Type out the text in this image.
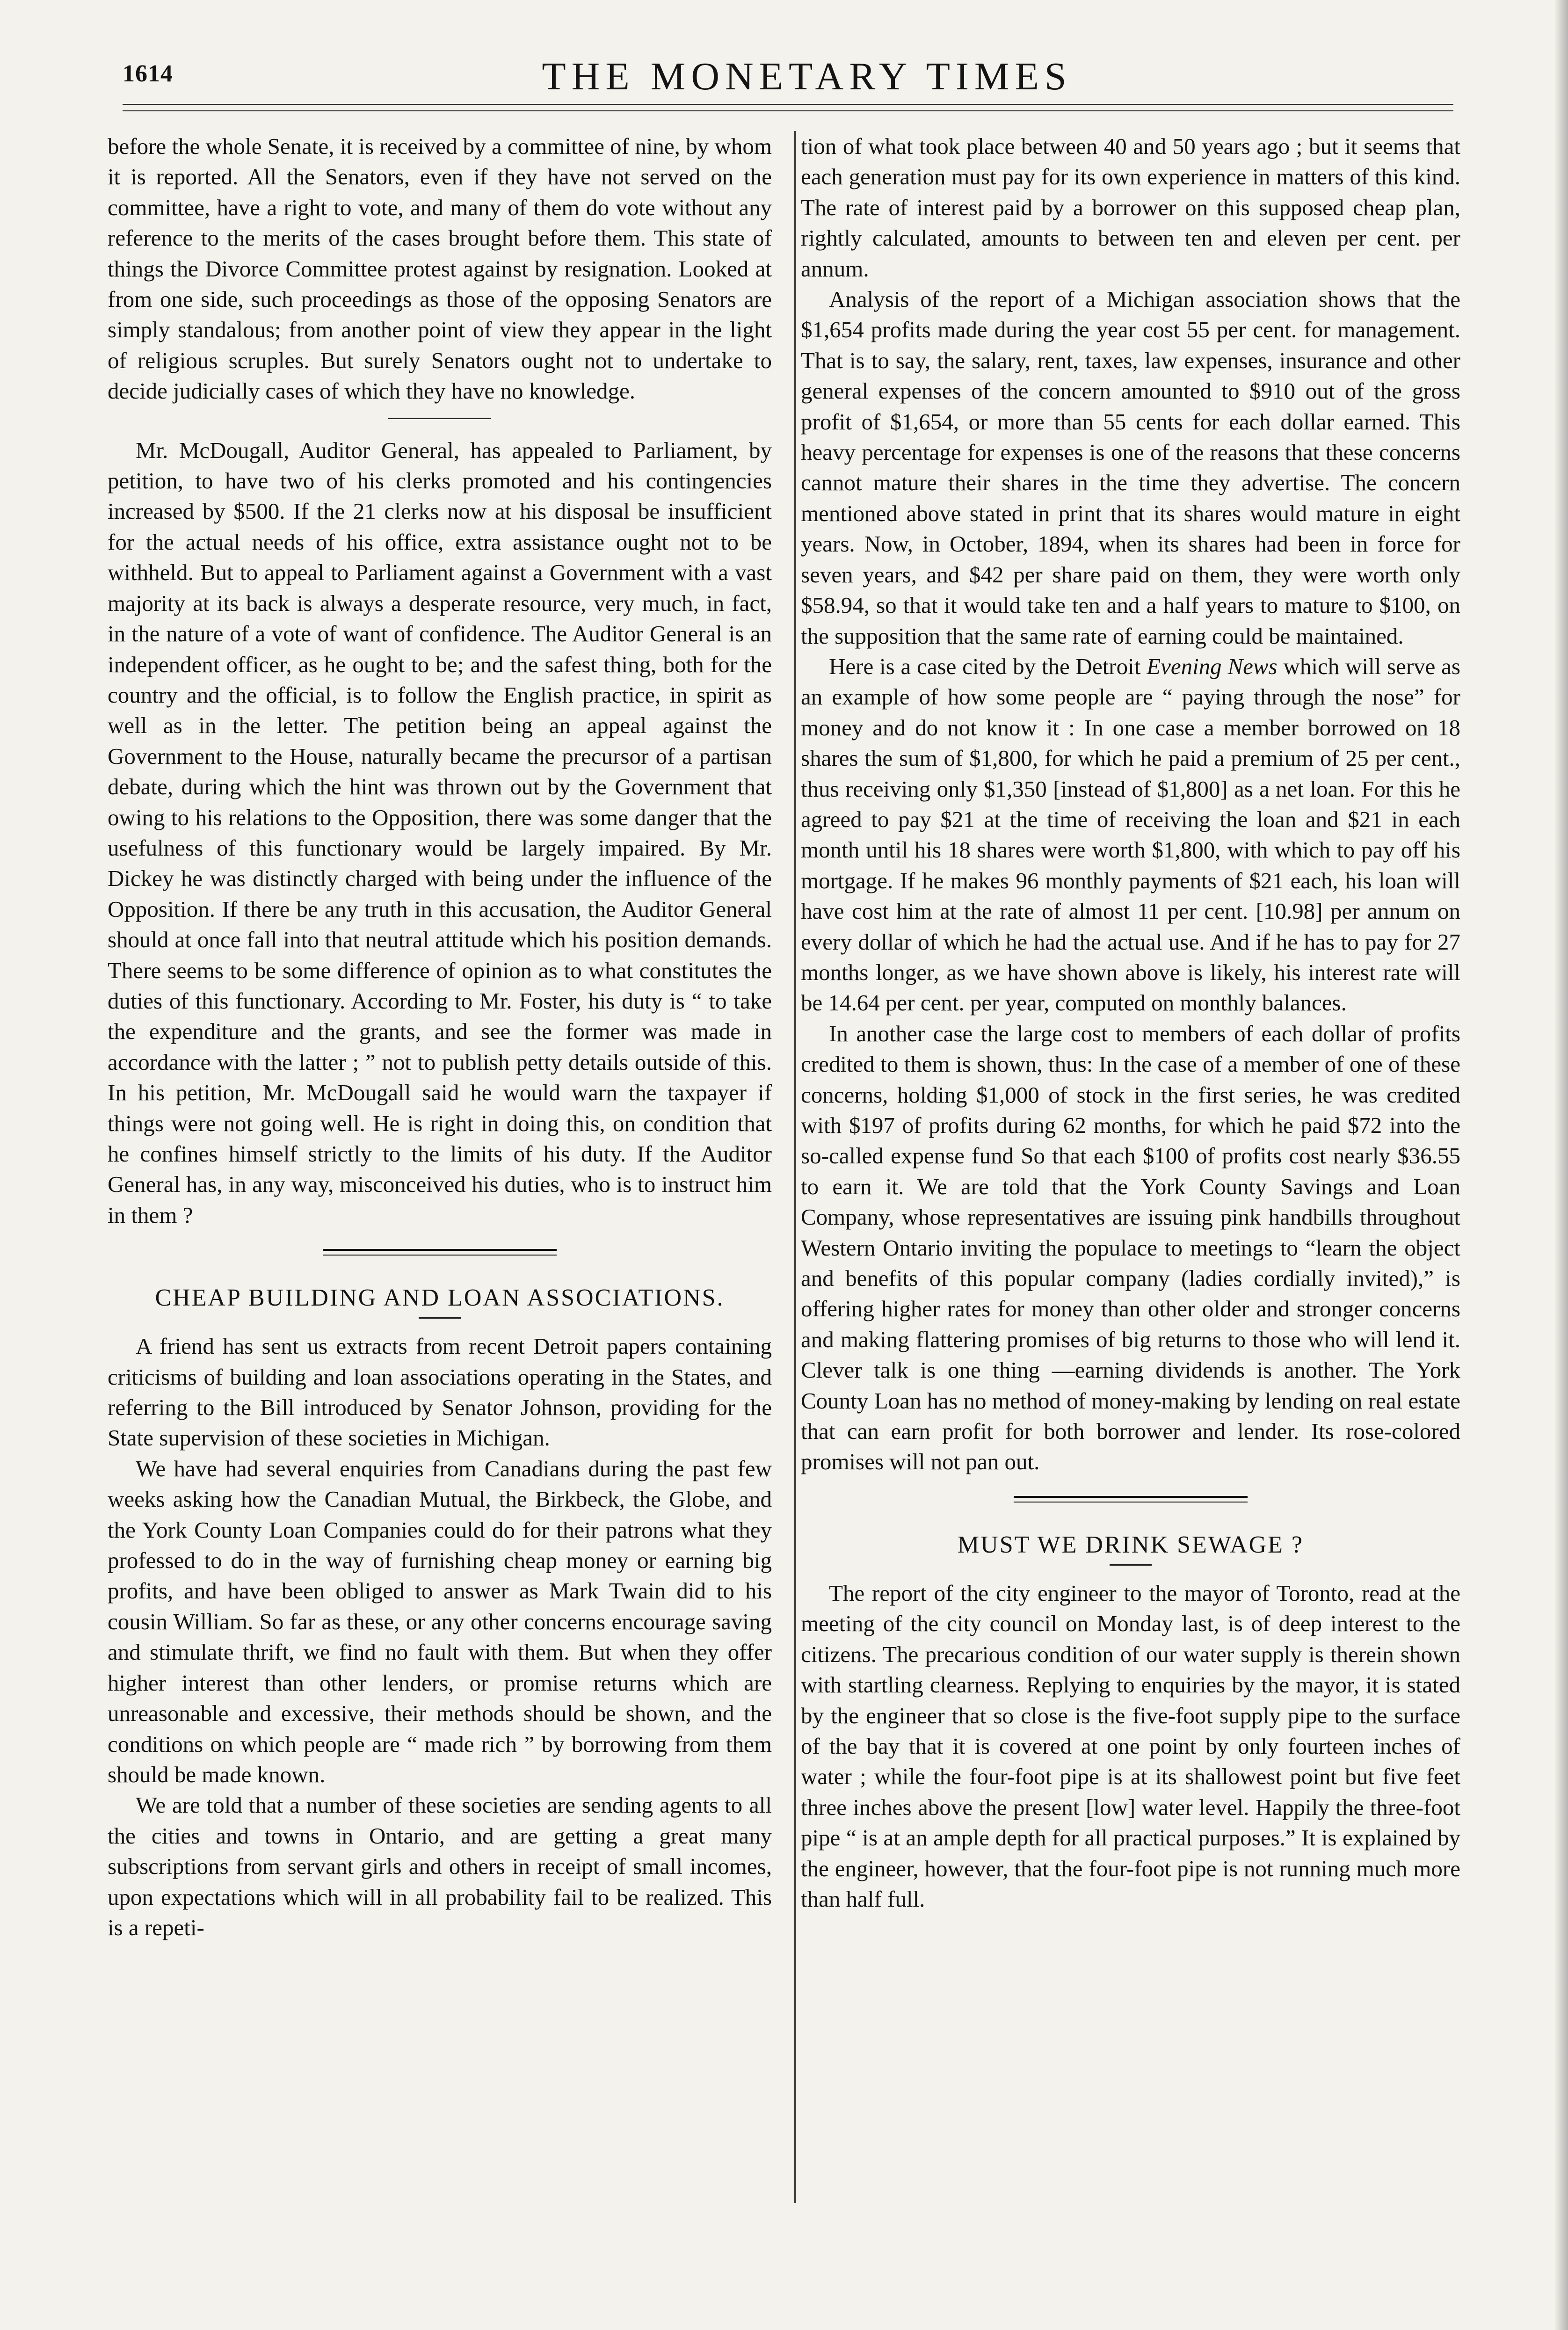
1614	THE MONETARY TIMES

before the whole Senate, it is received by a committee of nine, by whom it is reported. All the Senators, even if they have not served on the committee, have a right to vote, and many of them do vote without any reference to the merits of the cases brought before them. This state of things the Divorce Committee protest against by resignation. Looked at from one side, such proceedings as those of the opposing Senators are simply standalous; from another point of view they appear in the light of religious scruples. But surely Senators ought not to undertake to decide judicially cases of which they have no knowledge.

Mr. McDougall, Auditor General, has appealed to Parliament, by petition, to have two of his clerks promoted and his contingencies increased by $500. If the 21 clerks now at his disposal be insufficient for the actual needs of his office, extra assistance ought not to be withheld. But to appeal to Parliament against a Government with a vast majority at its back is always a desperate resource, very much, in fact, in the nature of a vote of want of confidence. The Auditor General is an independent officer, as he ought to be; and the safest thing, both for the country and the official, is to follow the English practice, in spirit as well as in the letter. The petition being an appeal against the Government to the House, naturally became the precursor of a partisan debate, during which the hint was thrown out by the Government that owing to his relations to the Opposition, there was some danger that the usefulness of this functionary would be largely impaired. By Mr. Dickey he was distinctly charged with being under the influence of the Opposition. If there be any truth in this accusation, the Auditor General should at once fall into that neutral attitude which his position demands. There seems to be some difference of opinion as to what constitutes the duties of this functionary. According to Mr. Foster, his duty is “ to take the expenditure and the grants, and see the former was made in accordance with the latter ; ” not to publish petty details outside of this. In his petition, Mr. McDougall said he would warn the taxpayer if things were not going well. He is right in doing this, on condition that he confines himself strictly to the limits of his duty. If the Auditor General has, in any way, misconceived his duties, who is to instruct him in them ?

CHEAP BUILDING AND LOAN ASSOCIATIONS.

A friend has sent us extracts from recent Detroit papers containing criticisms of building and loan associations operating in the States, and referring to the Bill introduced by Senator Johnson, providing for the State supervision of these societies in Michigan.

We have had several enquiries from Canadians during the past few weeks asking how the Canadian Mutual, the Birkbeck, the Globe, and the York County Loan Companies could do for their patrons what they professed to do in the way of furnishing cheap money or earning big profits, and have been obliged to answer as Mark Twain did to his cousin William. So far as these, or any other concerns encourage saving and stimulate thrift, we find no fault with them. But when they offer higher interest than other lenders, or promise returns which are unreasonable and excessive, their methods should be shown, and the conditions on which people are “ made rich ” by borrowing from them should be made known.

We are told that a number of these societies are sending agents to all the cities and towns in Ontario, and are getting a great many subscriptions from servant girls and others in receipt of small incomes, upon expectations which will in all probability fail to be realized. This is a repeti-

tion of what took place between 40 and 50 years ago ; but it seems that each generation must pay for its own experience in matters of this kind. The rate of interest paid by a borrower on this supposed cheap plan, rightly calculated, amounts to between ten and eleven per cent. per annum.

Analysis of the report of a Michigan association shows that the $1,654 profits made during the year cost 55 per cent. for management. That is to say, the salary, rent, taxes, law expenses, insurance and other general expenses of the concern amounted to $910 out of the gross profit of $1,654, or more than 55 cents for each dollar earned. This heavy percentage for expenses is one of the reasons that these concerns cannot mature their shares in the time they advertise. The concern mentioned above stated in print that its shares would mature in eight years. Now, in October, 1894, when its shares had been in force for seven years, and $42 per share paid on them, they were worth only $58.94, so that it would take ten and a half years to mature to $100, on the supposition that the same rate of earning could be maintained.

Here is a case cited by the Detroit Evening News which will serve as an example of how some people are “ paying through the nose” for money and do not know it : In one case a member borrowed on 18 shares the sum of $1,800, for which he paid a premium of 25 per cent., thus receiving only $1,350 [instead of $1,800] as a net loan. For this he agreed to pay $21 at the time of receiving the loan and $21 in each month until his 18 shares were worth $1,800, with which to pay off his mortgage. If he makes 96 monthly payments of $21 each, his loan will have cost him at the rate of almost 11 per cent. [10.98] per annum on every dollar of which he had the actual use. And if he has to pay for 27 months longer, as we have shown above is likely, his interest rate will be 14.64 per cent. per year, computed on monthly balances.

In another case the large cost to members of each dollar of profits credited to them is shown, thus: In the case of a member of one of these concerns, holding $1,000 of stock in the first series, he was credited with $197 of profits during 62 months, for which he paid $72 into the so-called expense fund So that each $100 of profits cost nearly $36.55 to earn it. We are told that the York County Savings and Loan Company, whose representatives are issuing pink handbills throughout Western Ontario inviting the populace to meetings to “learn the object and benefits of this popular company (ladies cordially invited),” is offering higher rates for money than other older and stronger concerns and making flattering promises of big returns to those who will lend it. Clever talk is one thing —earning dividends is another. The York County Loan has no method of money-making by lending on real estate that can earn profit for both borrower and lender. Its rose-colored promises will not pan out.

MUST WE DRINK SEWAGE ?

The report of the city engineer to the mayor of Toronto, read at the meeting of the city council on Monday last, is of deep interest to the citizens. The precarious condition of our water supply is therein shown with startling clearness. Replying to enquiries by the mayor, it is stated by the engineer that so close is the five-foot supply pipe to the surface of the bay that it is covered at one point by only fourteen inches of water ; while the four-foot pipe is at its shallowest point but five feet three inches above the present [low] water level. Happily the three-foot pipe “ is at an ample depth for all practical purposes.” It is explained by the engineer, however, that the four-foot pipe is not running much more than half full.
